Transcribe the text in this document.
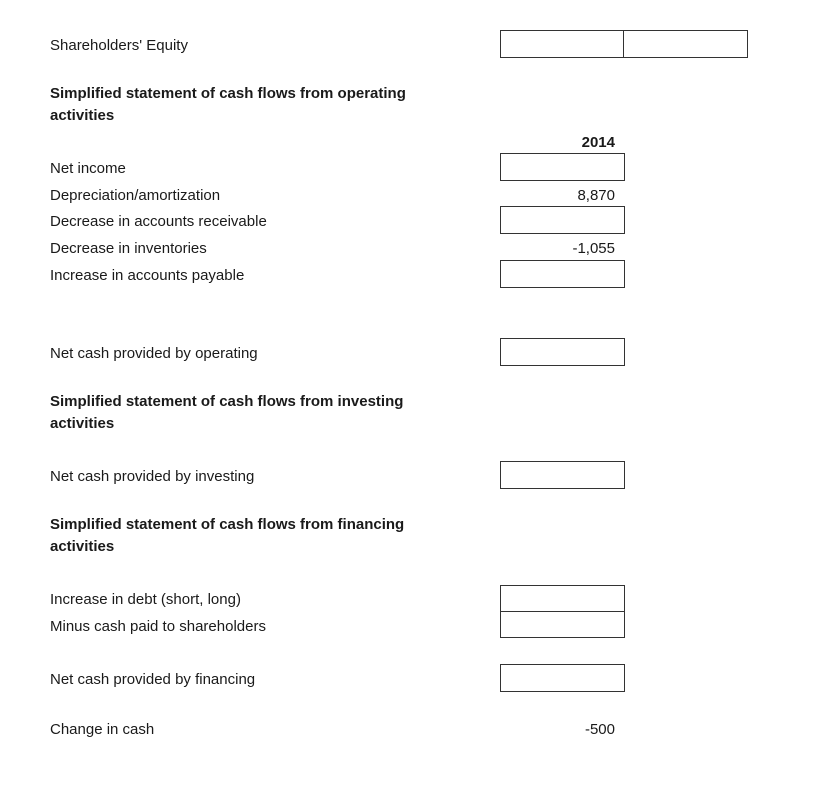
Shareholders' Equity
Simplified statement of cash flows from operating
activities
2014
Net income
Depreciation/amortization	8,870
Decrease in accounts receivable
Decrease in inventories	-1,055
Increase in accounts payable
Net cash provided by operating
Simplified statement of cash flows from investing
activities
Net cash provided by investing
Simplified statement of cash flows from financing
activities
Increase in debt (short, long)
Minus cash paid to shareholders
Net cash provided by financing
Change in cash	-500
